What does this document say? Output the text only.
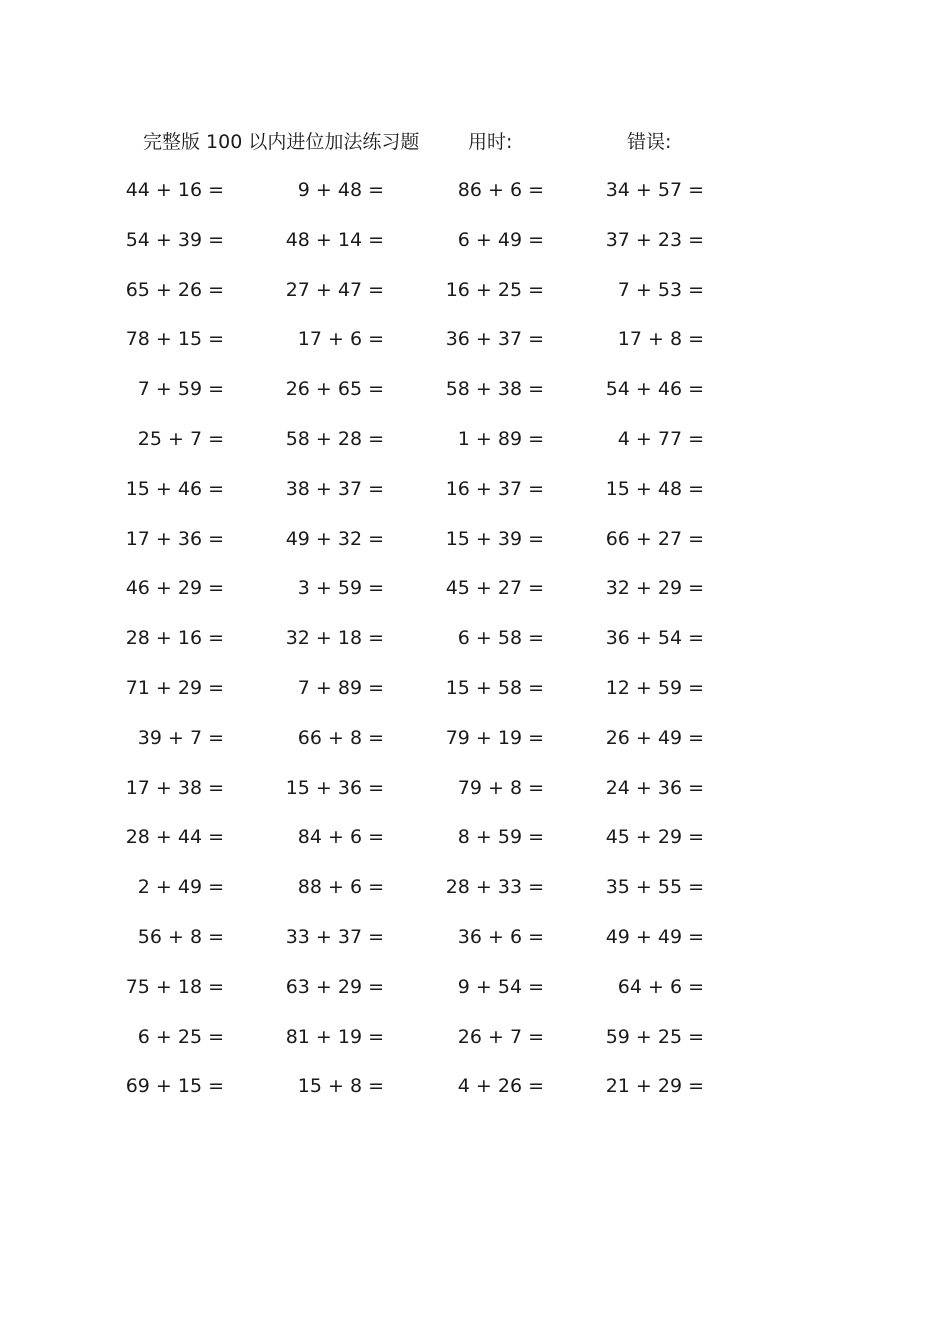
完整版 100 以内进位加法练习题	用时:	错误:
44 + 16 =	9 + 48 =	86 + 6 =	34 + 57 =
54 + 39 =	48 + 14 =	6 + 49 =	37 + 23 =
65 + 26 =	27 + 47 =	16 + 25 =	7 + 53 =
78 + 15 =	17 + 6 =	36 + 37 =	17 + 8 =
7 + 59 =	26 + 65 =	58 + 38 =	54 + 46 =
25 + 7 =	58 + 28 =	1 + 89 =	4 + 77 =
15 + 46 =	38 + 37 =	16 + 37 =	15 + 48 =
17 + 36 =	49 + 32 =	15 + 39 =	66 + 27 =
46 + 29 =	3 + 59 =	45 + 27 =	32 + 29 =
28 + 16 =	32 + 18 =	6 + 58 =	36 + 54 =
71 + 29 =	7 + 89 =	15 + 58 =	12 + 59 =
39 + 7 =	66 + 8 =	79 + 19 =	26 + 49 =
17 + 38 =	15 + 36 =	79 + 8 =	24 + 36 =
28 + 44 =	84 + 6 =	8 + 59 =	45 + 29 =
2 + 49 =	88 + 6 =	28 + 33 =	35 + 55 =
56 + 8 =	33 + 37 =	36 + 6 =	49 + 49 =
75 + 18 =	63 + 29 =	9 + 54 =	64 + 6 =
6 + 25 =	81 + 19 =	26 + 7 =	59 + 25 =
69 + 15 =	15 + 8 =	4 + 26 =	21 + 29 =
